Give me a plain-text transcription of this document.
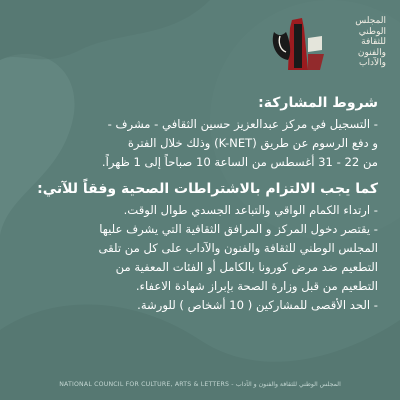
المجلس
الوطني
للثقافة
والفنون
والآداب
شروط المشاركة:
- التسجيل في مركز عبدالعزيز حسين الثقافي - مشرف -
و دفع الرسوم عن طريق (K-NET) وذلك خلال الفترة
من 22 - 31 أغسطس من الساعة 10 صباحاً إلى 1 ظهراً.
كما يجب الالتزام بالاشتراطات الصحية وفقاً للآتي:
- ارتداء الكمام الواقي والتباعد الجسدي طوال الوقت.
- يقتصر دخول المركز و المرافق الثقافية التي يشرف عليها
المجلس الوطني للثقافة والفنون والآداب على كل من تلقى
التطعيم ضد مرض كورونا بالكامل أو الفئات المعفية من
التطعيم من قبل وزارة الصحة بإبراز شهادة الاعفاء.
- الحد الأقصى للمشاركين ( 10 أشخاص ) للورشة.
NATIONAL COUNCIL FOR CULTURE, ARTS & LETTERS - المجلس الوطني للثقافة والفنون و الآداب
